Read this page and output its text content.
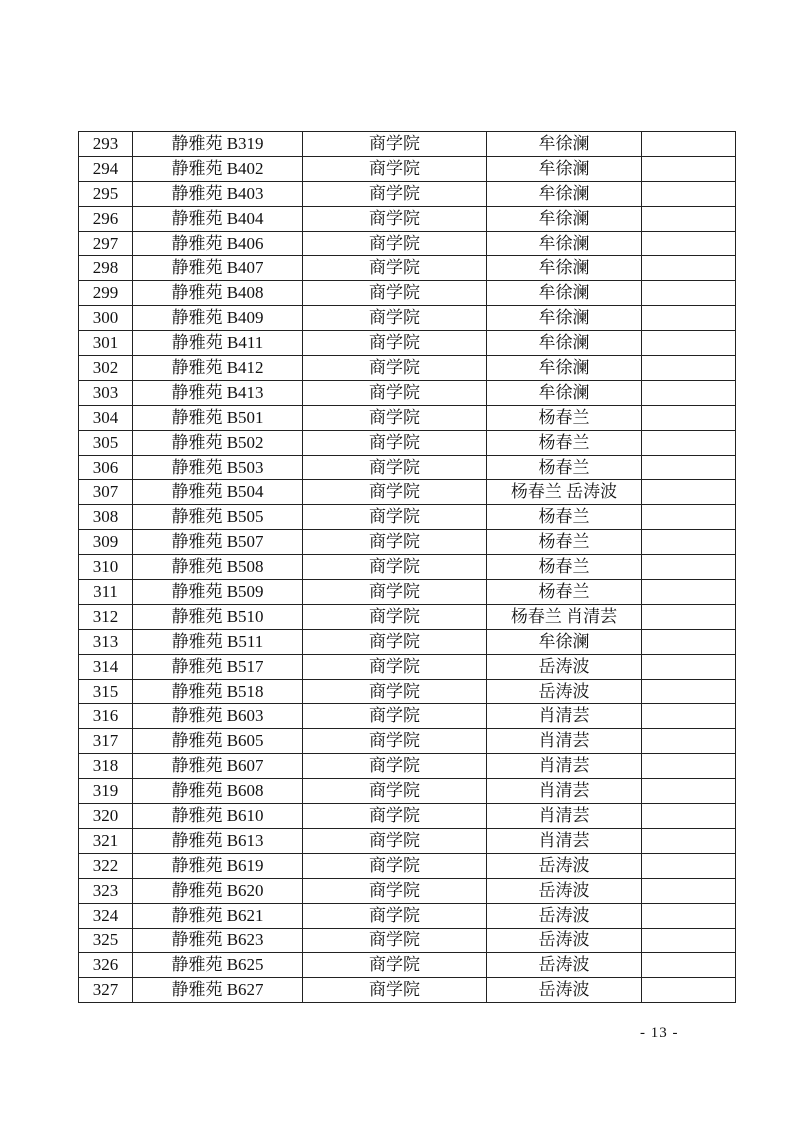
293	静雅苑 B319	商学院	牟徐澜	
294	静雅苑 B402	商学院	牟徐澜	
295	静雅苑 B403	商学院	牟徐澜	
296	静雅苑 B404	商学院	牟徐澜	
297	静雅苑 B406	商学院	牟徐澜	
298	静雅苑 B407	商学院	牟徐澜	
299	静雅苑 B408	商学院	牟徐澜	
300	静雅苑 B409	商学院	牟徐澜	
301	静雅苑 B411	商学院	牟徐澜	
302	静雅苑 B412	商学院	牟徐澜	
303	静雅苑 B413	商学院	牟徐澜	
304	静雅苑 B501	商学院	杨春兰	
305	静雅苑 B502	商学院	杨春兰	
306	静雅苑 B503	商学院	杨春兰	
307	静雅苑 B504	商学院	杨春兰 岳涛波	
308	静雅苑 B505	商学院	杨春兰	
309	静雅苑 B507	商学院	杨春兰	
310	静雅苑 B508	商学院	杨春兰	
311	静雅苑 B509	商学院	杨春兰	
312	静雅苑 B510	商学院	杨春兰 肖清芸	
313	静雅苑 B511	商学院	牟徐澜	
314	静雅苑 B517	商学院	岳涛波	
315	静雅苑 B518	商学院	岳涛波	
316	静雅苑 B603	商学院	肖清芸	
317	静雅苑 B605	商学院	肖清芸	
318	静雅苑 B607	商学院	肖清芸	
319	静雅苑 B608	商学院	肖清芸	
320	静雅苑 B610	商学院	肖清芸	
321	静雅苑 B613	商学院	肖清芸	
322	静雅苑 B619	商学院	岳涛波	
323	静雅苑 B620	商学院	岳涛波	
324	静雅苑 B621	商学院	岳涛波	
325	静雅苑 B623	商学院	岳涛波	
326	静雅苑 B625	商学院	岳涛波	
327	静雅苑 B627	商学院	岳涛波	
- 13 -
